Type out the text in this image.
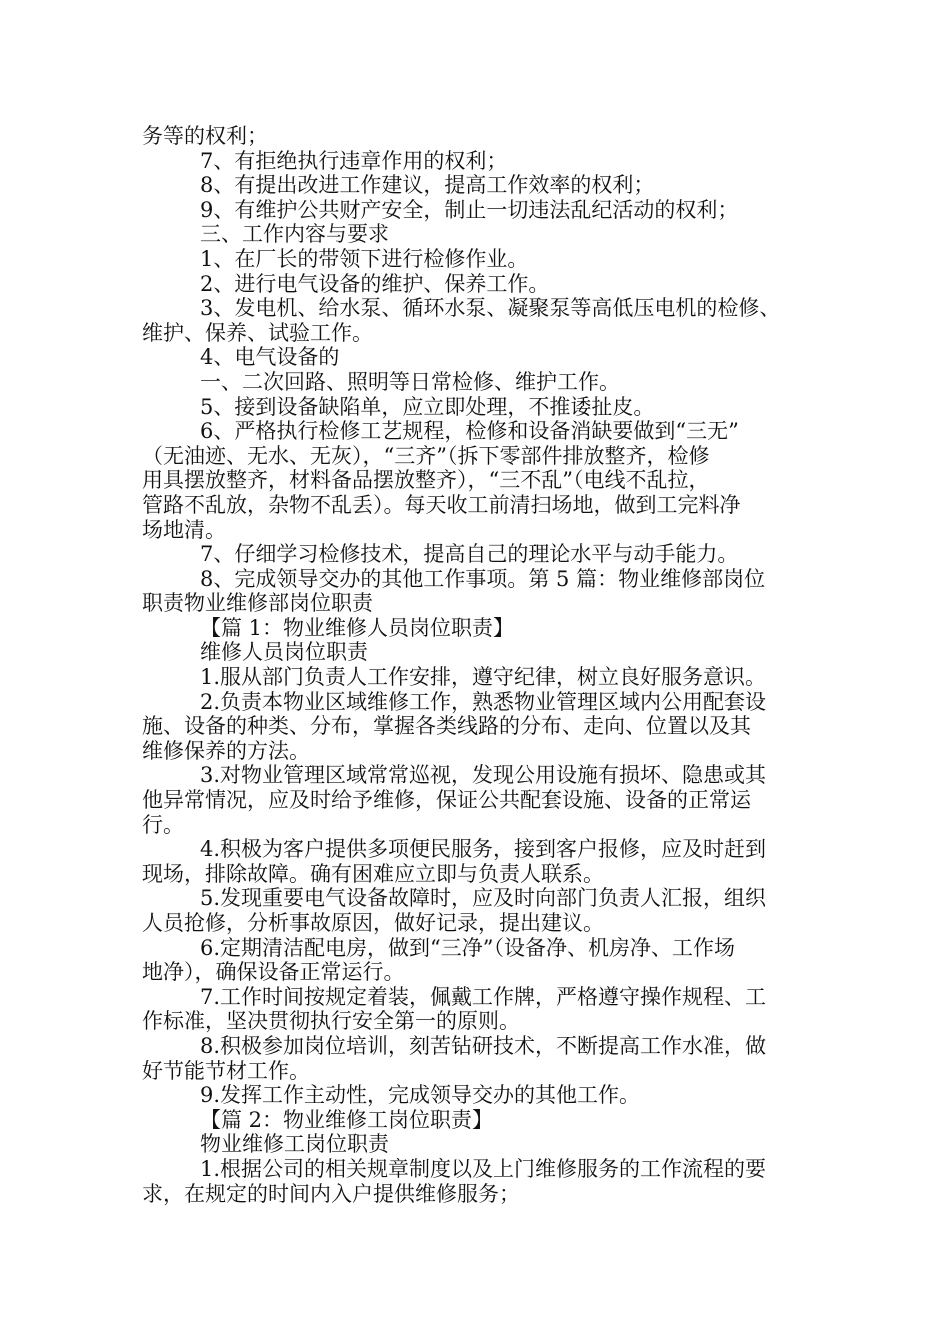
务等的权利；
7、有拒绝执行违章作用的权利；
8、有提出改进工作建议，提高工作效率的权利；
9、有维护公共财产安全，制止一切违法乱纪活动的权利；
三、工作内容与要求
1、在厂长的带领下进行检修作业。
2、进行电气设备的维护、保养工作。
3、发电机、给水泵、循环水泵、凝聚泵等高低压电机的检修、
维护、保养、试验工作。
4、电气设备的
一、二次回路、照明等日常检修、维护工作。
5、接到设备缺陷单，应立即处理，不推诿扯皮。
6、严格执行检修工艺规程，检修和设备消缺要做到“三无”
（无油迹、无水、无灰），“三齐”（拆下零部件排放整齐，检修
用具摆放整齐，材料备品摆放整齐），“三不乱”（电线不乱拉，
管路不乱放，杂物不乱丢）。每天收工前清扫场地，做到工完料净
场地清。
7、仔细学习检修技术，提高自己的理论水平与动手能力。
8、完成领导交办的其他工作事项。第 5 篇：物业维修部岗位
职责物业维修部岗位职责
【篇 1：物业维修人员岗位职责】
维修人员岗位职责
1.服从部门负责人工作安排，遵守纪律，树立良好服务意识。
2.负责本物业区域维修工作，熟悉物业管理区域内公用配套设
施、设备的种类、分布，掌握各类线路的分布、走向、位置以及其
维修保养的方法。
3.对物业管理区域常常巡视，发现公用设施有损坏、隐患或其
他异常情况，应及时给予维修，保证公共配套设施、设备的正常运
行。
4.积极为客户提供多项便民服务，接到客户报修，应及时赶到
现场，排除故障。确有困难应立即与负责人联系。
5.发现重要电气设备故障时，应及时向部门负责人汇报，组织
人员抢修，分析事故原因，做好记录，提出建议。
6.定期清洁配电房，做到“三净”（设备净、机房净、工作场
地净），确保设备正常运行。
7.工作时间按规定着装，佩戴工作牌，严格遵守操作规程、工
作标准，坚决贯彻执行安全第一的原则。
8.积极参加岗位培训，刻苦钻研技术，不断提高工作水准，做
好节能节材工作。
9.发挥工作主动性，完成领导交办的其他工作。
【篇 2：物业维修工岗位职责】
物业维修工岗位职责
1.根据公司的相关规章制度以及上门维修服务的工作流程的要
求，在规定的时间内入户提供维修服务；
